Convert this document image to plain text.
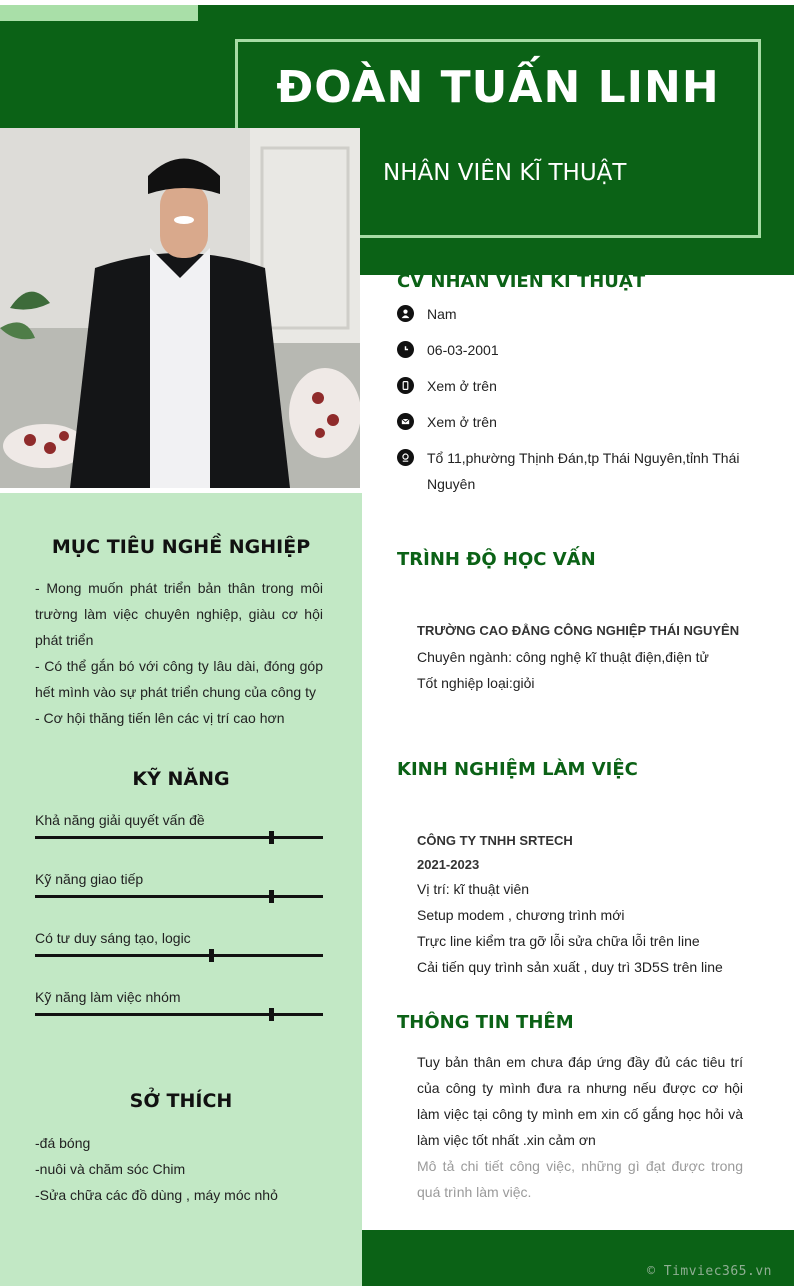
ĐOÀN TUẤN LINH
NHÂN VIÊN KĨ THUẬT
MỤC TIÊU NGHỀ NGHIỆP
- Mong muốn phát triển bản thân trong môi trường làm việc chuyên nghiệp, giàu cơ hội phát triển
- Có thể gắn bó với công ty lâu dài, đóng góp hết mình vào sự phát triển chung của công ty
- Cơ hội thăng tiến lên các vị trí cao hơn
KỸ NĂNG
Khả năng giải quyết vấn đề
Kỹ năng giao tiếp
Có tư duy sáng tạo, logic
Kỹ năng làm việc nhóm
SỞ THÍCH
-đá bóng
-nuôi và chăm sóc Chim
-Sửa chữa các đồ dùng , máy móc nhỏ
CV NHÂN VIÊN KĨ THUẬT
Nam
06-03-2001
Xem ở trên
Xem ở trên
Tổ 11,phường Thịnh Đán,tp Thái Nguyên,tỉnh Thái Nguyên
TRÌNH ĐỘ HỌC VẤN
TRƯỜNG CAO ĐẲNG CÔNG NGHIỆP THÁI NGUYÊN
Chuyên ngành: công nghệ kĩ thuật điện,điện tử
Tốt nghiệp loại:giỏi
KINH NGHIỆM LÀM VIỆC
CÔNG TY TNHH SRTECH
2021-2023
Vị trí: kĩ thuật viên
Setup modem , chương trình mới
Trực line kiểm tra gỡ lỗi sửa chữa lỗi trên line
Cải tiến quy trình sản xuất , duy trì 3D5S trên line
THÔNG TIN THÊM
Tuy bản thân em chưa đáp ứng đầy đủ các tiêu trí của công ty mình đưa ra nhưng nếu được cơ hội làm việc tại công ty mình em xin cố gắng học hỏi và làm việc tốt nhất .xin cảm ơn
Mô tả chi tiết công việc, những gì đạt được trong quá trình làm việc.
© Timviec365.vn
